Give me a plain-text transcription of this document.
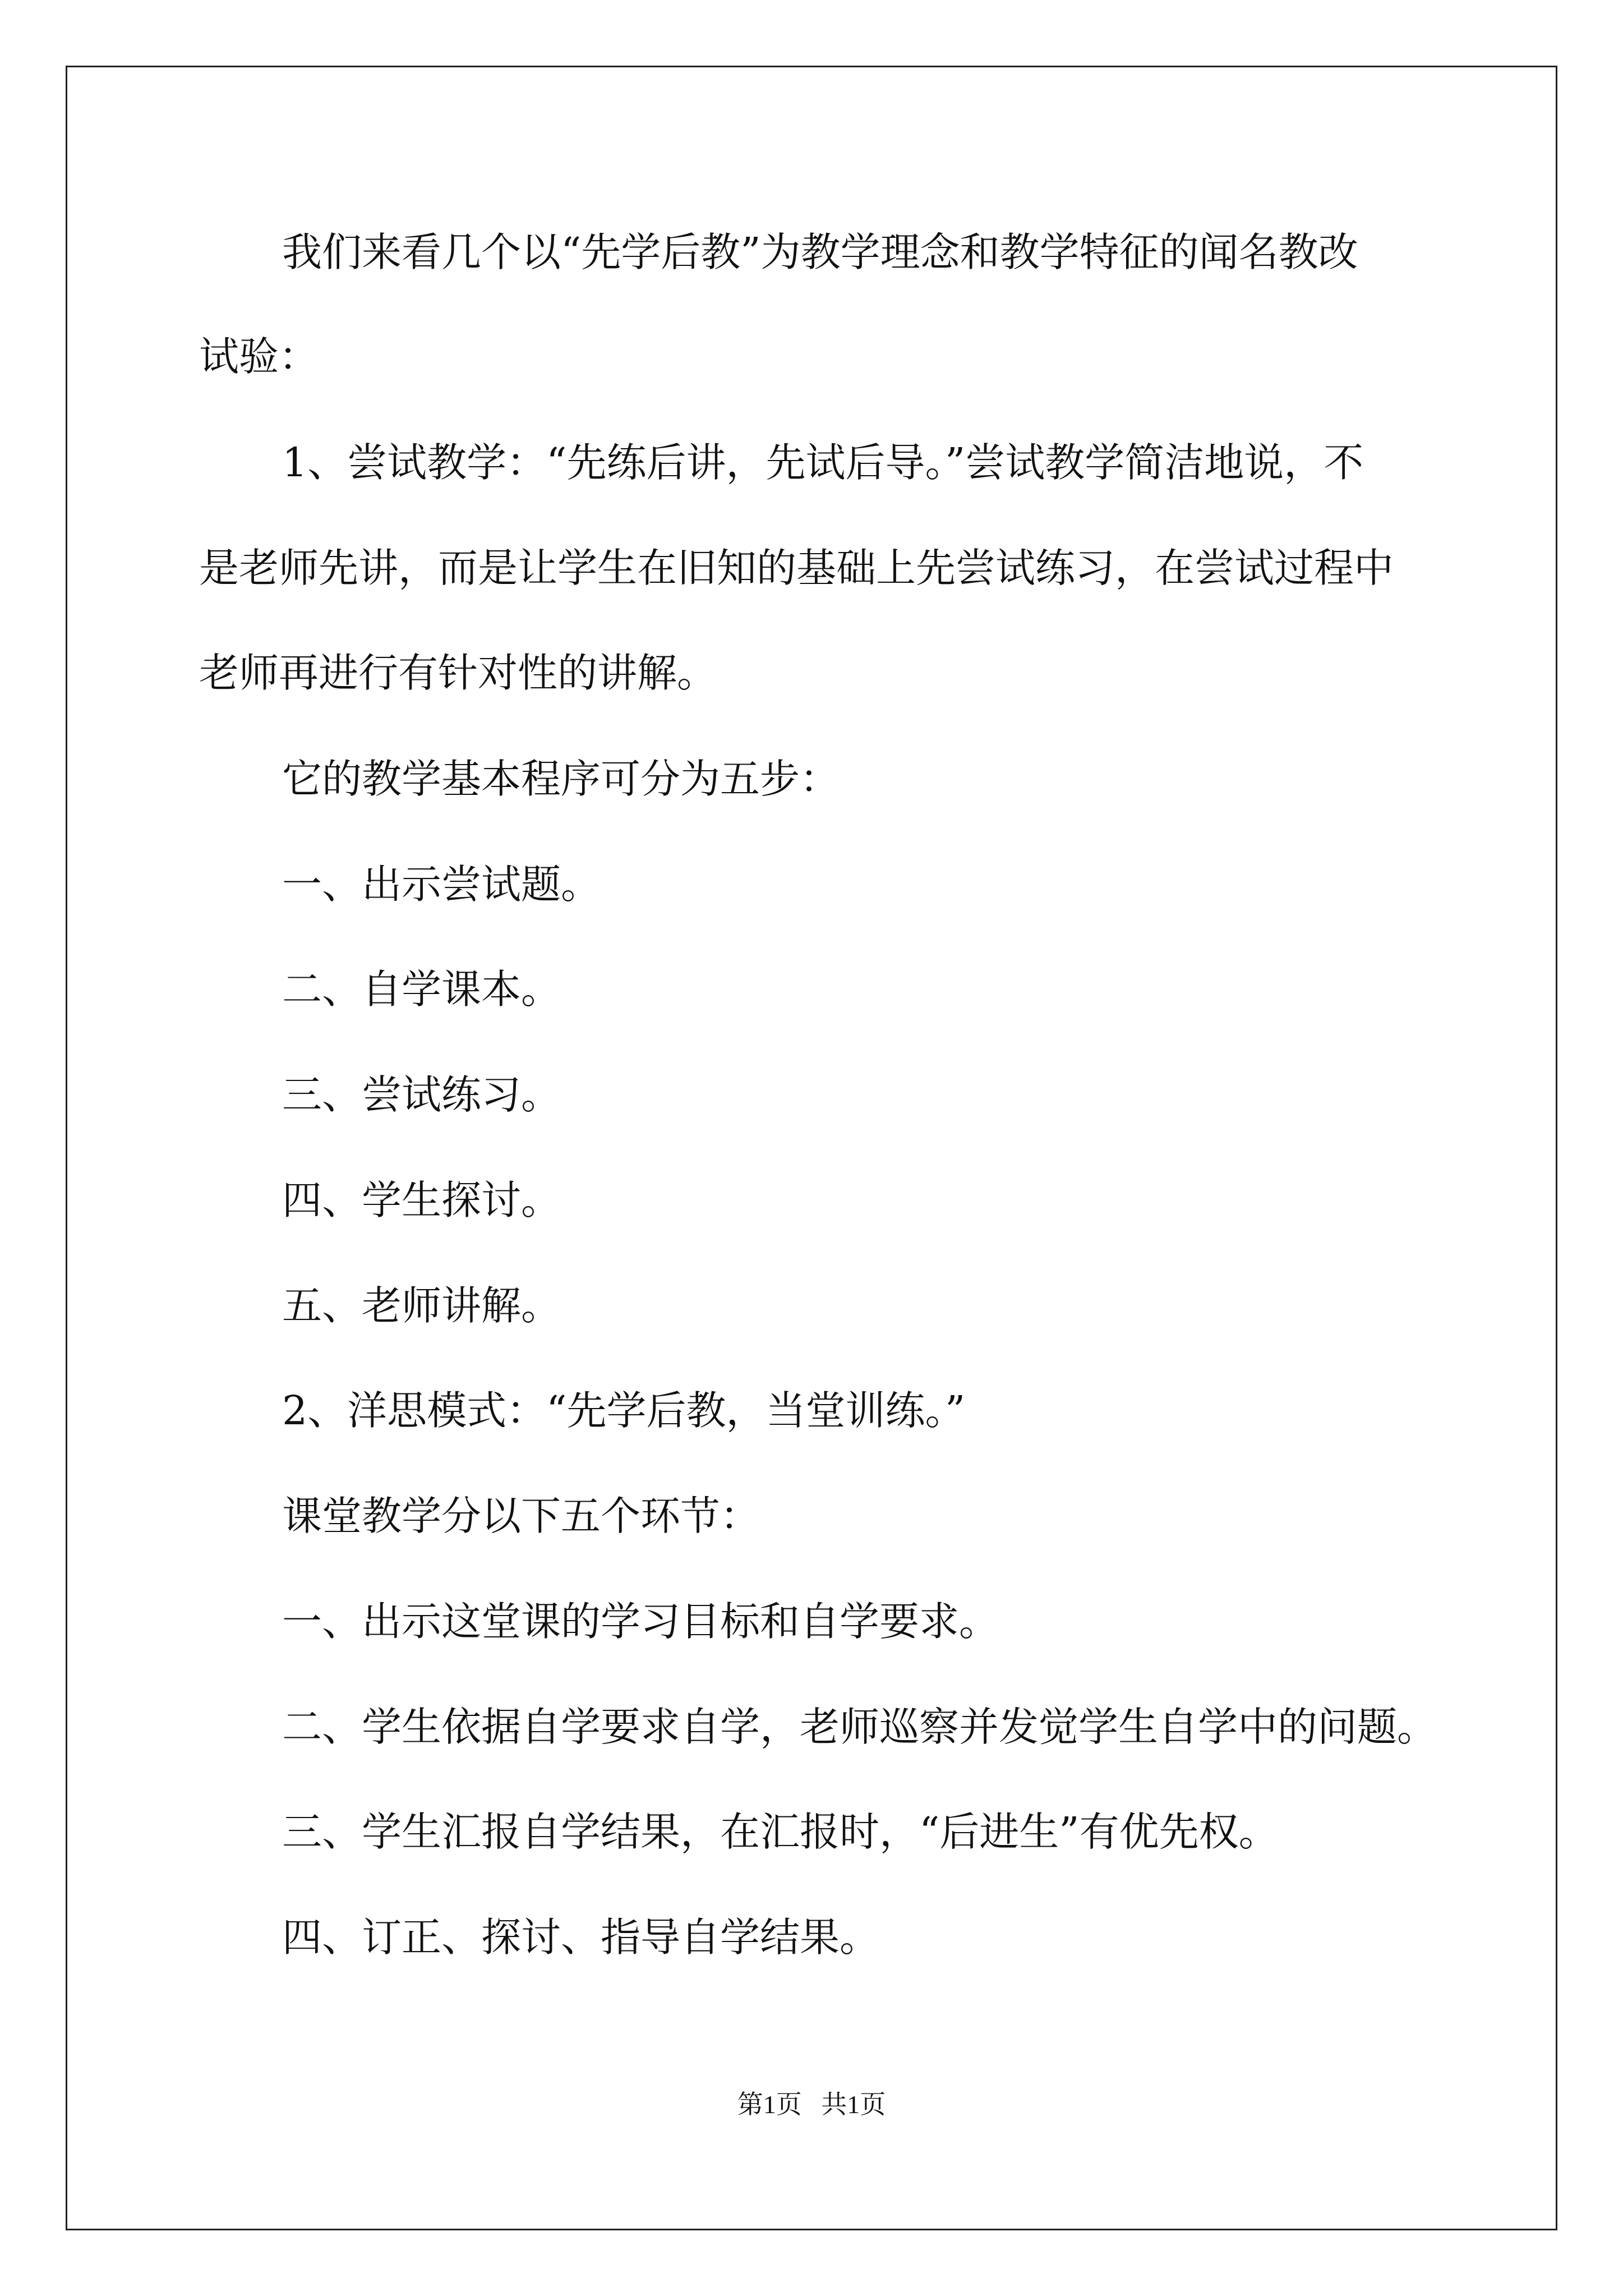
我们来看几个以“先学后教”为教学理念和教学特征的闻名教改
试验：
1、尝试教学：“先练后讲，先试后导。”尝试教学简洁地说，不
是老师先讲，而是让学生在旧知的基础上先尝试练习，在尝试过程中
老师再进行有针对性的讲解。
它的教学基本程序可分为五步：
一、出示尝试题。
二、自学课本。
三、尝试练习。
四、学生探讨。
五、老师讲解。
2、洋思模式：“先学后教，当堂训练。”
课堂教学分以下五个环节：
一、出示这堂课的学习目标和自学要求。
二、学生依据自学要求自学，老师巡察并发觉学生自学中的问题。
三、学生汇报自学结果，在汇报时，“后进生”有优先权。
四、订正、探讨、指导自学结果。
第1页   共1页
